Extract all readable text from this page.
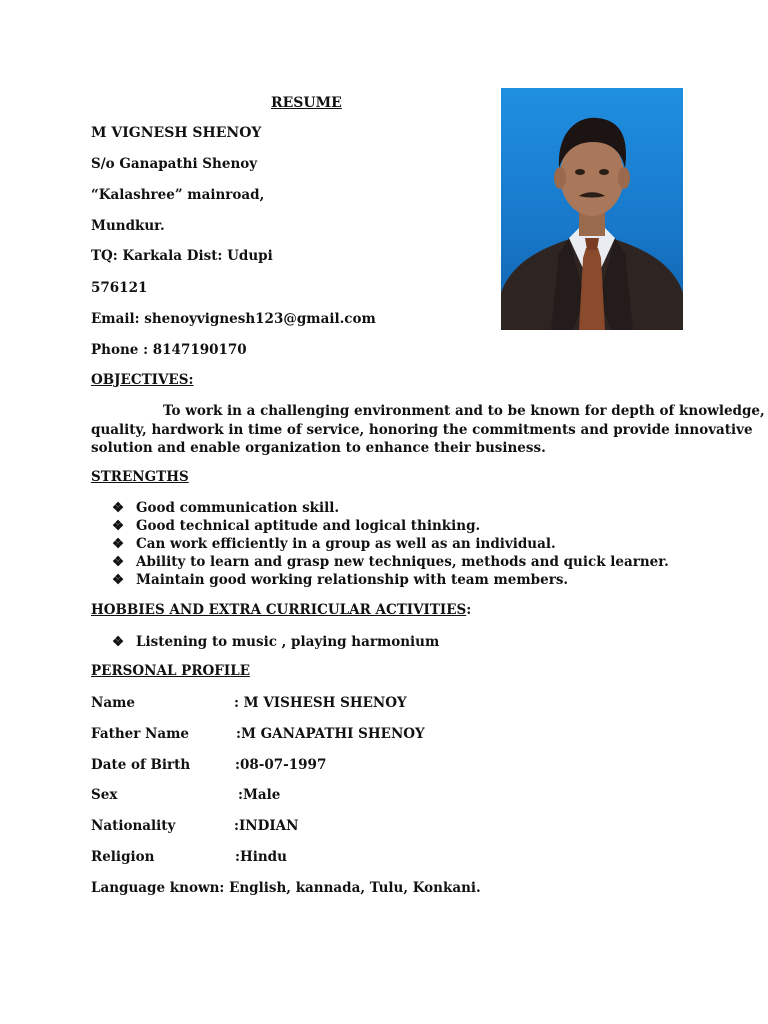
RESUME
M VIGNESH SHENOY
S/o Ganapathi Shenoy
“Kalashree” mainroad,
Mundkur.
TQ: Karkala Dist: Udupi
576121
Email: shenoyvignesh123@gmail.com
Phone : 8147190170
OBJECTIVES:
To work in a challenging environment and to be known for depth of knowledge,
quality, hardwork in time of service, honoring the commitments and provide innovative
solution and enable organization to enhance their business.
STRENGTHS
❖ Good communication skill.
❖ Good technical aptitude and logical thinking.
❖ Can work efficiently in a group as well as an individual.
❖ Ability to learn and grasp new techniques, methods and quick learner.
❖ Maintain good working relationship with team members.
HOBBIES AND EXTRA CURRICULAR ACTIVITIES:
❖ Listening to music , playing harmonium
PERSONAL PROFILE
Name	: M VISHESH SHENOY
Father Name	:M GANAPATHI SHENOY
Date of Birth	:08-07-1997
Sex	:Male
Nationality	:INDIAN
Religion	:Hindu
Language known: English, kannada, Tulu, Konkani.
